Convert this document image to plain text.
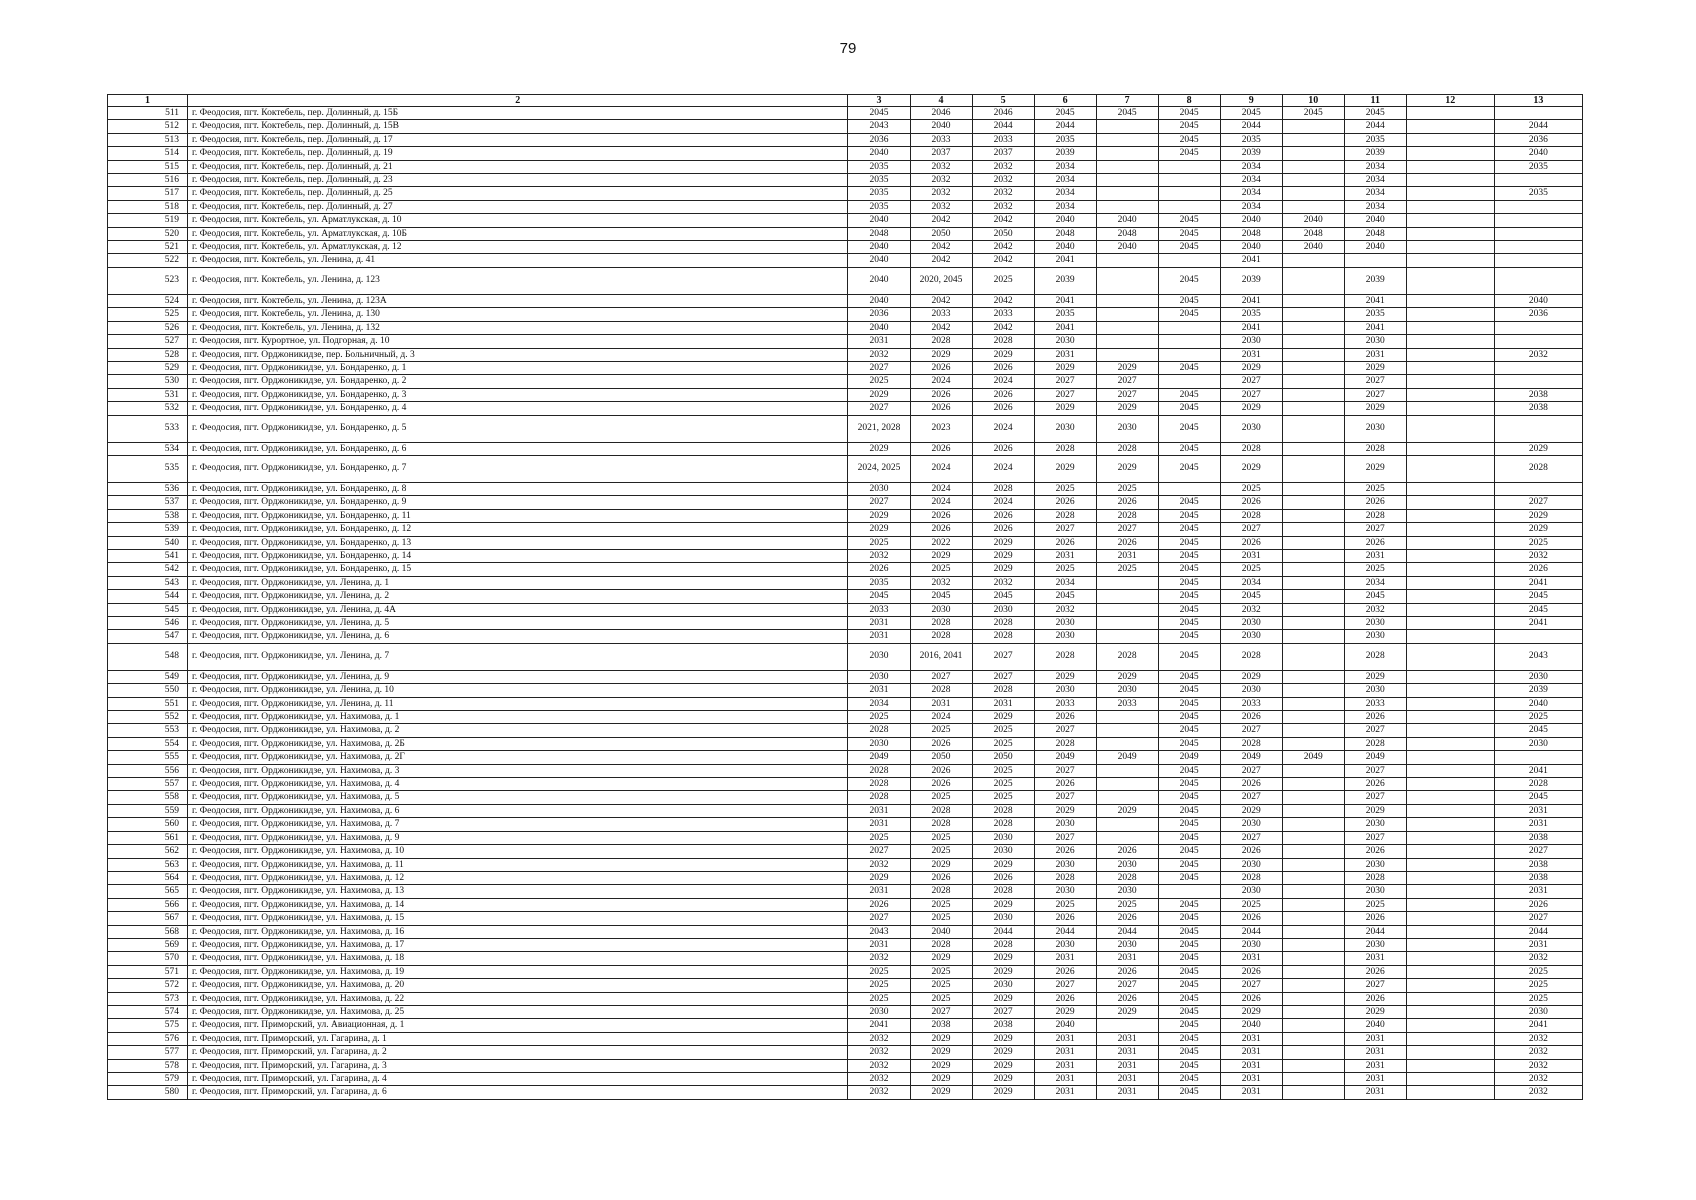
79
1	2	3	4	5	6	7	8	9	10	11	12	13
511	г. Феодосия, пгт. Коктебель, пер. Долинный, д. 15Б	2045	2046	2046	2045	2045	2045	2045	2045	2045		
512	г. Феодосия, пгт. Коктебель, пер. Долинный, д. 15В	2043	2040	2044	2044		2045	2044		2044		2044
513	г. Феодосия, пгт. Коктебель, пер. Долинный, д. 17	2036	2033	2033	2035		2045	2035		2035		2036
514	г. Феодосия, пгт. Коктебель, пер. Долинный, д. 19	2040	2037	2037	2039		2045	2039		2039		2040
515	г. Феодосия, пгт. Коктебель, пер. Долинный, д. 21	2035	2032	2032	2034			2034		2034		2035
516	г. Феодосия, пгт. Коктебель, пер. Долинный, д. 23	2035	2032	2032	2034			2034		2034		
517	г. Феодосия, пгт. Коктебель, пер. Долинный, д. 25	2035	2032	2032	2034			2034		2034		2035
518	г. Феодосия, пгт. Коктебель, пер. Долинный, д. 27	2035	2032	2032	2034			2034		2034		
519	г. Феодосия, пгт. Коктебель, ул. Арматлукская, д. 10	2040	2042	2042	2040	2040	2045	2040	2040	2040		
520	г. Феодосия, пгт. Коктебель, ул. Арматлукская, д. 10Б	2048	2050	2050	2048	2048	2045	2048	2048	2048		
521	г. Феодосия, пгт. Коктебель, ул. Арматлукская, д. 12	2040	2042	2042	2040	2040	2045	2040	2040	2040		
522	г. Феодосия, пгт. Коктебель, ул. Ленина, д. 41	2040	2042	2042	2041			2041				
523	г. Феодосия, пгт. Коктебель, ул. Ленина, д. 123	2040	2020, 2045	2025	2039		2045	2039		2039		
524	г. Феодосия, пгт. Коктебель, ул. Ленина, д. 123А	2040	2042	2042	2041		2045	2041		2041		2040
525	г. Феодосия, пгт. Коктебель, ул. Ленина, д. 130	2036	2033	2033	2035		2045	2035		2035		2036
526	г. Феодосия, пгт. Коктебель, ул. Ленина, д. 132	2040	2042	2042	2041			2041		2041		
527	г. Феодосия, пгт. Курортное, ул. Подгорная, д. 10	2031	2028	2028	2030			2030		2030		
528	г. Феодосия, пгт. Орджоникидзе, пер. Больничный, д. 3	2032	2029	2029	2031			2031		2031		2032
529	г. Феодосия, пгт. Орджоникидзе, ул. Бондаренко, д. 1	2027	2026	2026	2029	2029	2045	2029		2029		
530	г. Феодосия, пгт. Орджоникидзе, ул. Бондаренко, д. 2	2025	2024	2024	2027	2027		2027		2027		
531	г. Феодосия, пгт. Орджоникидзе, ул. Бондаренко, д. 3	2029	2026	2026	2027	2027	2045	2027		2027		2038
532	г. Феодосия, пгт. Орджоникидзе, ул. Бондаренко, д. 4	2027	2026	2026	2029	2029	2045	2029		2029		2038
533	г. Феодосия, пгт. Орджоникидзе, ул. Бондаренко, д. 5	2021, 2028	2023	2024	2030	2030	2045	2030		2030		
534	г. Феодосия, пгт. Орджоникидзе, ул. Бондаренко, д. 6	2029	2026	2026	2028	2028	2045	2028		2028		2029
535	г. Феодосия, пгт. Орджоникидзе, ул. Бондаренко, д. 7	2024, 2025	2024	2024	2029	2029	2045	2029		2029		2028
536	г. Феодосия, пгт. Орджоникидзе, ул. Бондаренко, д. 8	2030	2024	2028	2025	2025		2025		2025		
537	г. Феодосия, пгт. Орджоникидзе, ул. Бондаренко, д. 9	2027	2024	2024	2026	2026	2045	2026		2026		2027
538	г. Феодосия, пгт. Орджоникидзе, ул. Бондаренко, д. 11	2029	2026	2026	2028	2028	2045	2028		2028		2029
539	г. Феодосия, пгт. Орджоникидзе, ул. Бондаренко, д. 12	2029	2026	2026	2027	2027	2045	2027		2027		2029
540	г. Феодосия, пгт. Орджоникидзе, ул. Бондаренко, д. 13	2025	2022	2029	2026	2026	2045	2026		2026		2025
541	г. Феодосия, пгт. Орджоникидзе, ул. Бондаренко, д. 14	2032	2029	2029	2031	2031	2045	2031		2031		2032
542	г. Феодосия, пгт. Орджоникидзе, ул. Бондаренко, д. 15	2026	2025	2029	2025	2025	2045	2025		2025		2026
543	г. Феодосия, пгт. Орджоникидзе, ул. Ленина, д. 1	2035	2032	2032	2034		2045	2034		2034		2041
544	г. Феодосия, пгт. Орджоникидзе, ул. Ленина, д. 2	2045	2045	2045	2045		2045	2045		2045		2045
545	г. Феодосия, пгт. Орджоникидзе, ул. Ленина, д. 4А	2033	2030	2030	2032		2045	2032		2032		2045
546	г. Феодосия, пгт. Орджоникидзе, ул. Ленина, д. 5	2031	2028	2028	2030		2045	2030		2030		2041
547	г. Феодосия, пгт. Орджоникидзе, ул. Ленина, д. 6	2031	2028	2028	2030		2045	2030		2030		
548	г. Феодосия, пгт. Орджоникидзе, ул. Ленина, д. 7	2030	2016, 2041	2027	2028	2028	2045	2028		2028		2043
549	г. Феодосия, пгт. Орджоникидзе, ул. Ленина, д. 9	2030	2027	2027	2029	2029	2045	2029		2029		2030
550	г. Феодосия, пгт. Орджоникидзе, ул. Ленина, д. 10	2031	2028	2028	2030	2030	2045	2030		2030		2039
551	г. Феодосия, пгт. Орджоникидзе, ул. Ленина, д. 11	2034	2031	2031	2033	2033	2045	2033		2033		2040
552	г. Феодосия, пгт. Орджоникидзе, ул. Нахимова, д. 1	2025	2024	2029	2026		2045	2026		2026		2025
553	г. Феодосия, пгт. Орджоникидзе, ул. Нахимова, д. 2	2028	2025	2025	2027		2045	2027		2027		2045
554	г. Феодосия, пгт. Орджоникидзе, ул. Нахимова, д. 2Б	2030	2026	2025	2028		2045	2028		2028		2030
555	г. Феодосия, пгт. Орджоникидзе, ул. Нахимова, д. 2Г	2049	2050	2050	2049	2049	2049	2049	2049	2049		
556	г. Феодосия, пгт. Орджоникидзе, ул. Нахимова, д. 3	2028	2026	2025	2027		2045	2027		2027		2041
557	г. Феодосия, пгт. Орджоникидзе, ул. Нахимова, д. 4	2028	2026	2025	2026		2045	2026		2026		2028
558	г. Феодосия, пгт. Орджоникидзе, ул. Нахимова, д. 5	2028	2025	2025	2027		2045	2027		2027		2045
559	г. Феодосия, пгт. Орджоникидзе, ул. Нахимова, д. 6	2031	2028	2028	2029	2029	2045	2029		2029		2031
560	г. Феодосия, пгт. Орджоникидзе, ул. Нахимова, д. 7	2031	2028	2028	2030		2045	2030		2030		2031
561	г. Феодосия, пгт. Орджоникидзе, ул. Нахимова, д. 9	2025	2025	2030	2027		2045	2027		2027		2038
562	г. Феодосия, пгт. Орджоникидзе, ул. Нахимова, д. 10	2027	2025	2030	2026	2026	2045	2026		2026		2027
563	г. Феодосия, пгт. Орджоникидзе, ул. Нахимова, д. 11	2032	2029	2029	2030	2030	2045	2030		2030		2038
564	г. Феодосия, пгт. Орджоникидзе, ул. Нахимова, д. 12	2029	2026	2026	2028	2028	2045	2028		2028		2038
565	г. Феодосия, пгт. Орджоникидзе, ул. Нахимова, д. 13	2031	2028	2028	2030	2030		2030		2030		2031
566	г. Феодосия, пгт. Орджоникидзе, ул. Нахимова, д. 14	2026	2025	2029	2025	2025	2045	2025		2025		2026
567	г. Феодосия, пгт. Орджоникидзе, ул. Нахимова, д. 15	2027	2025	2030	2026	2026	2045	2026		2026		2027
568	г. Феодосия, пгт. Орджоникидзе, ул. Нахимова, д. 16	2043	2040	2044	2044	2044	2045	2044		2044		2044
569	г. Феодосия, пгт. Орджоникидзе, ул. Нахимова, д. 17	2031	2028	2028	2030	2030	2045	2030		2030		2031
570	г. Феодосия, пгт. Орджоникидзе, ул. Нахимова, д. 18	2032	2029	2029	2031	2031	2045	2031		2031		2032
571	г. Феодосия, пгт. Орджоникидзе, ул. Нахимова, д. 19	2025	2025	2029	2026	2026	2045	2026		2026		2025
572	г. Феодосия, пгт. Орджоникидзе, ул. Нахимова, д. 20	2025	2025	2030	2027	2027	2045	2027		2027		2025
573	г. Феодосия, пгт. Орджоникидзе, ул. Нахимова, д. 22	2025	2025	2029	2026	2026	2045	2026		2026		2025
574	г. Феодосия, пгт. Орджоникидзе, ул. Нахимова, д. 25	2030	2027	2027	2029	2029	2045	2029		2029		2030
575	г. Феодосия, пгт. Приморский, ул. Авиационная, д. 1	2041	2038	2038	2040		2045	2040		2040		2041
576	г. Феодосия, пгт. Приморский, ул. Гагарина, д. 1	2032	2029	2029	2031	2031	2045	2031		2031		2032
577	г. Феодосия, пгт. Приморский, ул. Гагарина, д. 2	2032	2029	2029	2031	2031	2045	2031		2031		2032
578	г. Феодосия, пгт. Приморский, ул. Гагарина, д. 3	2032	2029	2029	2031	2031	2045	2031		2031		2032
579	г. Феодосия, пгт. Приморский, ул. Гагарина, д. 4	2032	2029	2029	2031	2031	2045	2031		2031		2032
580	г. Феодосия, пгт. Приморский, ул. Гагарина, д. 6	2032	2029	2029	2031	2031	2045	2031		2031		2032
